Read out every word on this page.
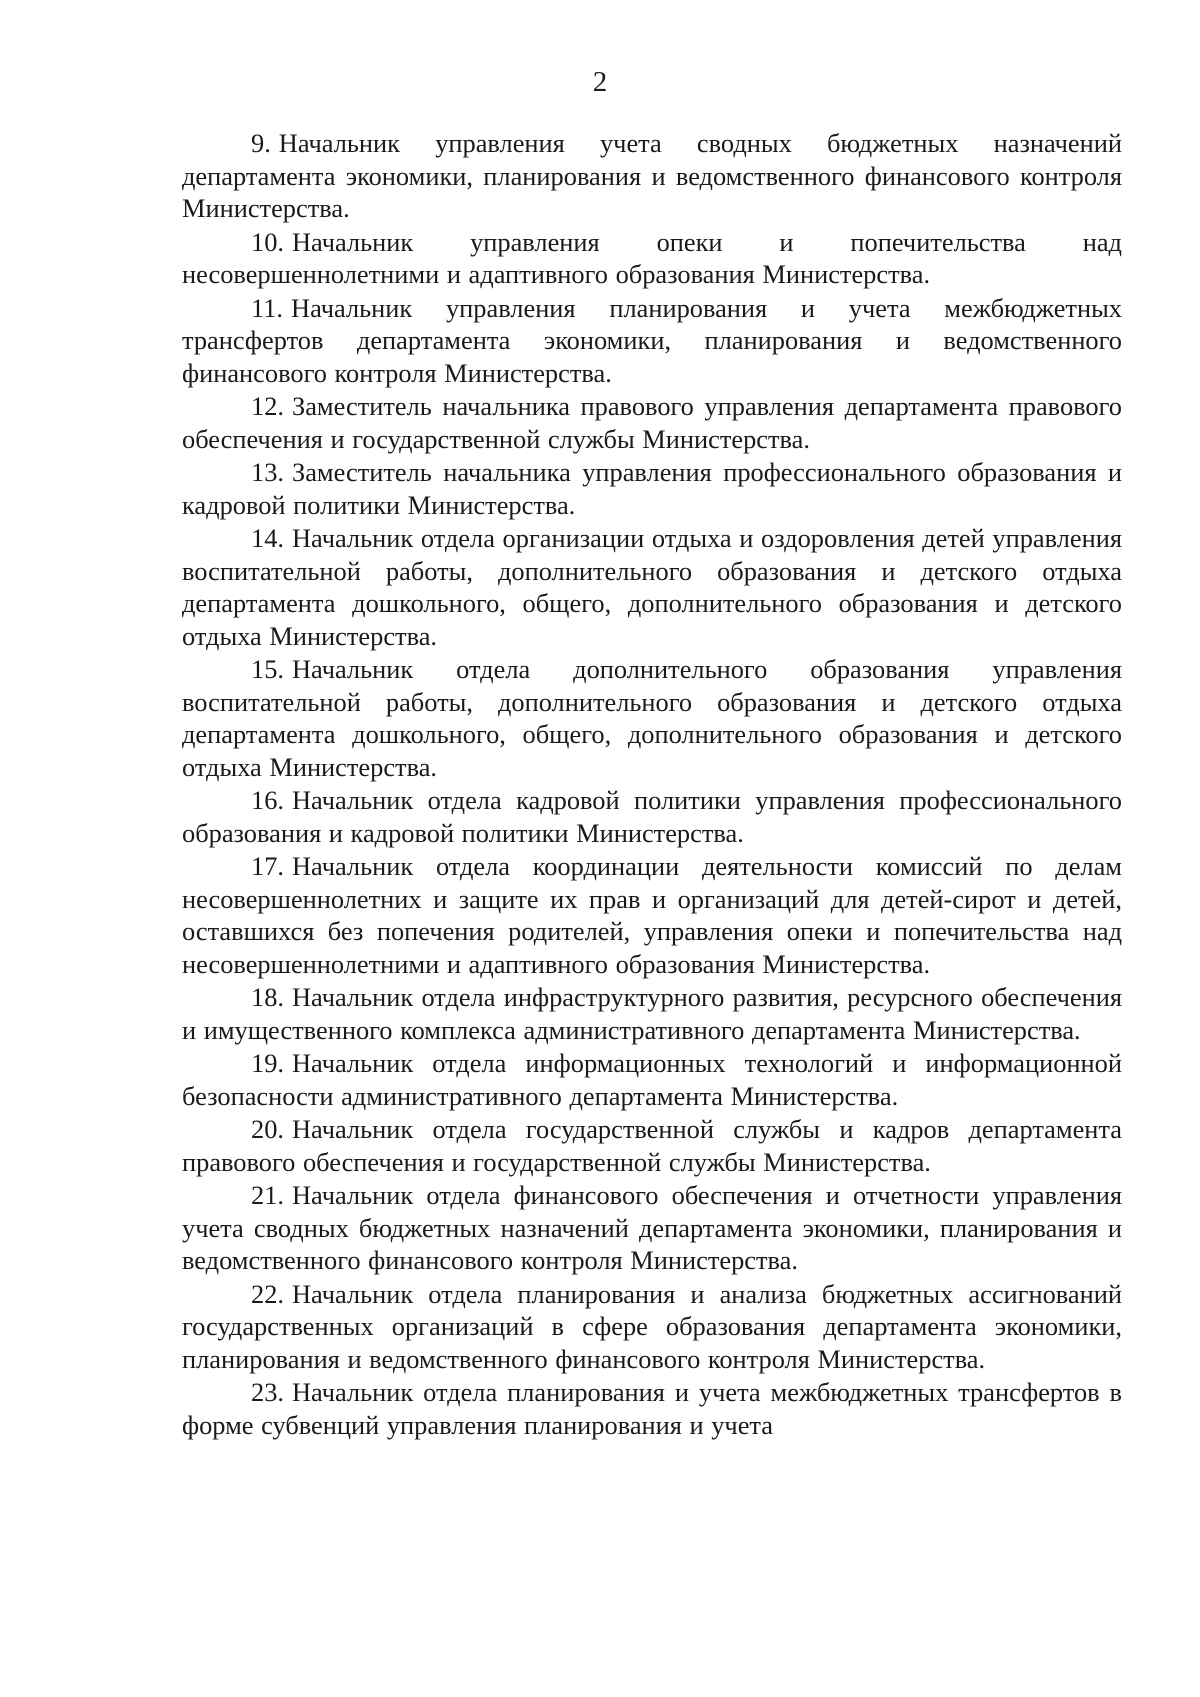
2
9. Начальник управления учета сводных бюджетных назначений департамента экономики, планирования и ведомственного финансового контроля Министерства.
10. Начальник управления опеки и попечительства над несовершеннолетними и адаптивного образования Министерства.
11. Начальник управления планирования и учета межбюджетных трансфертов департамента экономики, планирования и ведомственного финансового контроля Министерства.
12. Заместитель начальника правового управления департамента правового обеспечения и государственной службы Министерства.
13. Заместитель начальника управления профессионального образования и кадровой политики Министерства.
14. Начальник отдела организации отдыха и оздоровления детей управления воспитательной работы, дополнительного образования и детского отдыха департамента дошкольного, общего, дополнительного образования и детского отдыха Министерства.
15. Начальник отдела дополнительного образования управления воспитательной работы, дополнительного образования и детского отдыха департамента дошкольного, общего, дополнительного образования и детского отдыха Министерства.
16. Начальник отдела кадровой политики управления профессионального образования и кадровой политики Министерства.
17. Начальник отдела координации деятельности комиссий по делам несовершеннолетних и защите их прав и организаций для детей-сирот и детей, оставшихся без попечения родителей, управления опеки и попечительства над несовершеннолетними и адаптивного образования Министерства.
18. Начальник отдела инфраструктурного развития, ресурсного обеспечения и имущественного комплекса административного департамента Министерства.
19. Начальник отдела информационных технологий и информационной безопасности административного департамента Министерства.
20. Начальник отдела государственной службы и кадров департамента правового обеспечения и государственной службы Министерства.
21. Начальник отдела финансового обеспечения и отчетности управления учета сводных бюджетных назначений департамента экономики, планирования и ведомственного финансового контроля Министерства.
22. Начальник отдела планирования и анализа бюджетных ассигнований государственных организаций в сфере образования департамента экономики, планирования и ведомственного финансового контроля Министерства.
23. Начальник отдела планирования и учета межбюджетных трансфертов в форме субвенций управления планирования и учета
